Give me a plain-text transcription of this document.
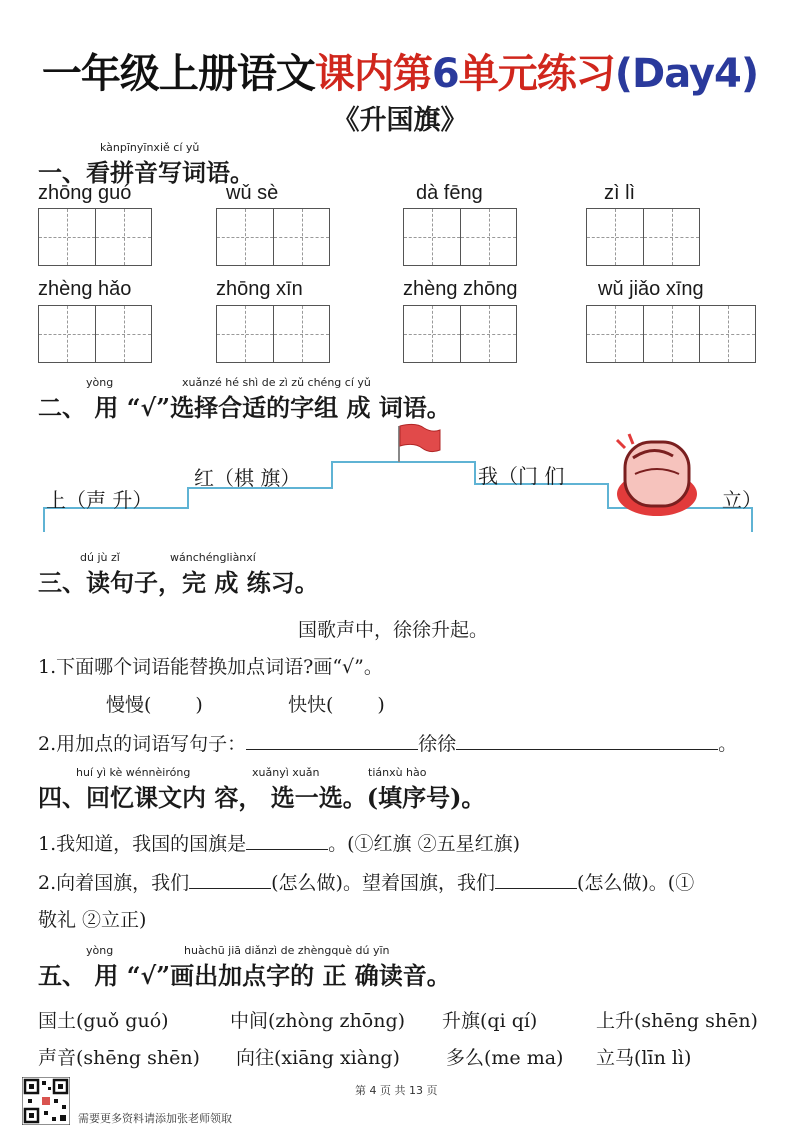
一年级上册语文课内第6单元练习(Day4)
《升国旗》
kànpīnyīnxiě cí yǔ
一、看拼音写词语。
zhōng guó	wǔ sè	dà fēng	zì lì
zhèng hǎo	zhōng xīn	zhèng zhōng	wǔ jiǎo xīng
yòng	xuǎnzé hé shì de zì zǔ chéng cí yǔ
二、 用 “√”选择合适的字组 成 词语。
上（声 升）
红（棋 旗）	我（门 们
立）
dú jù zǐ	wánchéngliànxí
三、读句子，完 成 练习。
国歌声中，徐徐升起。
1.下面哪个词语能替换加点词语?画“√”。
慢慢( )	快快( )
2.用加点的词语写句子：	徐徐	。
huí yì kè wénnèiróng	xuǎnyì xuǎn	tiánxù hào
四、回忆课文内 容， 选一选。(填序号)。
1.我知道，我国的国旗是	。(①红旗 ②五星红旗)
2.向着国旗，我们	(怎么做)。望着国旗，我们	(怎么做)。(①
敬礼 ②立正)
yòng	huàchū jiā diǎnzì de zhèngquè dú yīn
五、 用 “√”画出加点字的 正 确读音。
国土(guǒ guó)	中间(zhòng zhōng) 升旗(qi qí)	上升(shēng shēn)
声音(shēng shēn) 向往(xiāng xiàng) 多么(me ma) 立马(līn lì)
第 4 页 共 13 页
需要更多资料请添加张老师领取
